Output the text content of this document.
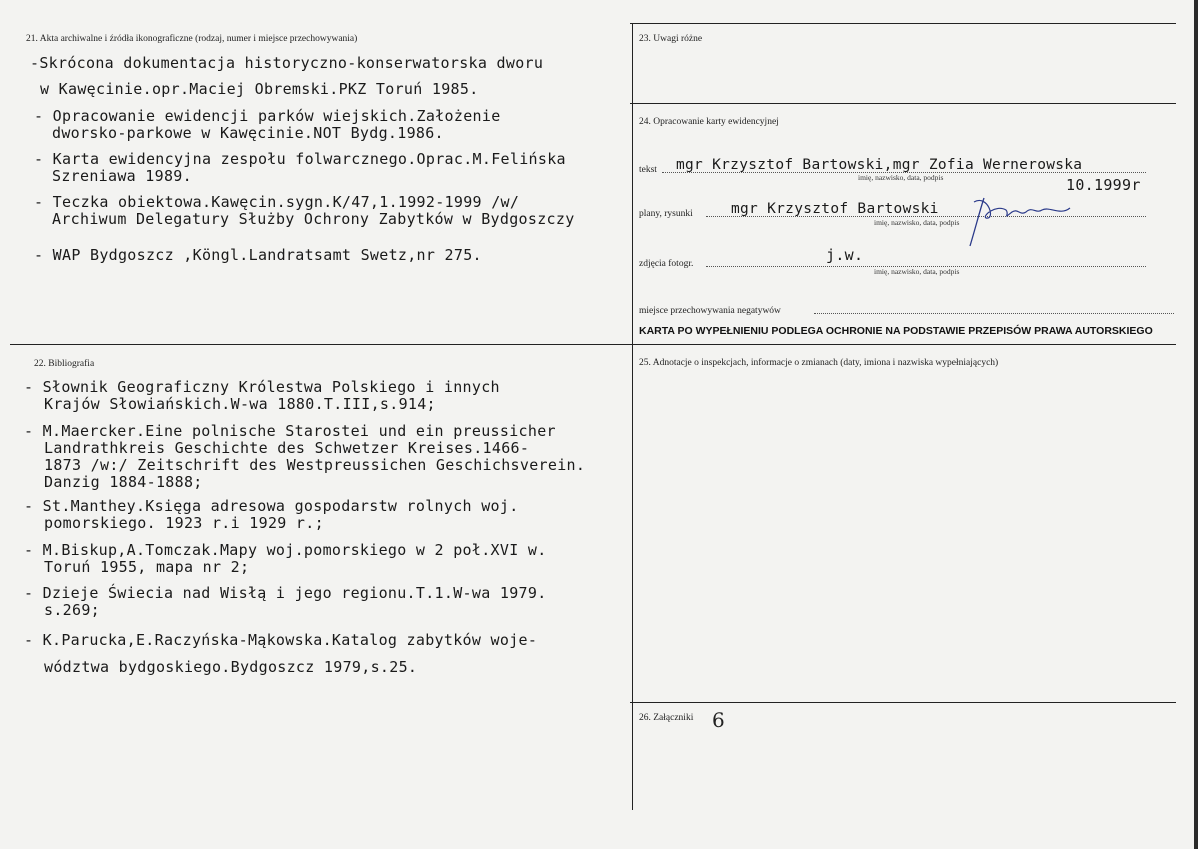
21. Akta archiwalne i źródła ikonograficzne (rodzaj, numer i miejsce przechowywania)
-Skrócona dokumentacja historyczno-konserwatorska dworu
w Kawęcinie.opr.Maciej Obremski.PKZ Toruń 1985.
- Opracowanie ewidencji parków wiejskich.Założenie
dworsko-parkowe w Kawęcinie.NOT Bydg.1986.
- Karta ewidencyjna zespołu folwarcznego.Oprac.M.Felińska
Szreniawa 1989.
- Teczka obiektowa.Kawęcin.sygn.K/47,1.1992-1999 /w/
Archiwum Delegatury Służby Ochrony Zabytków w Bydgoszczy
- WAP Bydgoszcz ,Köngl.Landratsamt Swetz,nr 275.
22. Bibliografia
- Słownik Geograficzny Królestwa Polskiego i innych
Krajów Słowiańskich.W-wa 1880.T.III,s.914;
- M.Maercker.Eine polnische Starostei und ein preussicher
Landrathkreis Geschichte des Schwetzer Kreises.1466-
1873 /w:/ Zeitschrift des Westpreussichen Geschichsverein.
Danzig 1884-1888;
- St.Manthey.Księga adresowa gospodarstw rolnych woj.
pomorskiego. 1923 r.i 1929 r.;
- M.Biskup,A.Tomczak.Mapy woj.pomorskiego w 2 poł.XVI w.
Toruń 1955, mapa nr 2;
- Dzieje Świecia nad Wisłą i jego regionu.T.1.W-wa 1979.
s.269;
- K.Parucka,E.Raczyńska-Mąkowska.Katalog zabytków woje-
wództwa bydgoskiego.Bydgoszcz 1979,s.25.
23. Uwagi różne
24. Opracowanie karty ewidencyjnej
tekst mgr Krzysztof Bartowski,mgr Zofia Wernerowska
imię, nazwisko, data, podpis	10.1999r
plany, rysunki	mgr Krzysztof Bartowski
imię, nazwisko, data, podpis
zdjęcia fotogr.	j.w.
imię, nazwisko, data, podpis
miejsce przechowywania negatywów
KARTA PO WYPEŁNIENIU PODLEGA OCHRONIE NA PODSTAWIE PRZEPISÓW PRAWA AUTORSKIEGO
25. Adnotacje o inspekcjach, informacje o zmianach (daty, imiona i nazwiska wypełniających)
26. Załączniki 6
